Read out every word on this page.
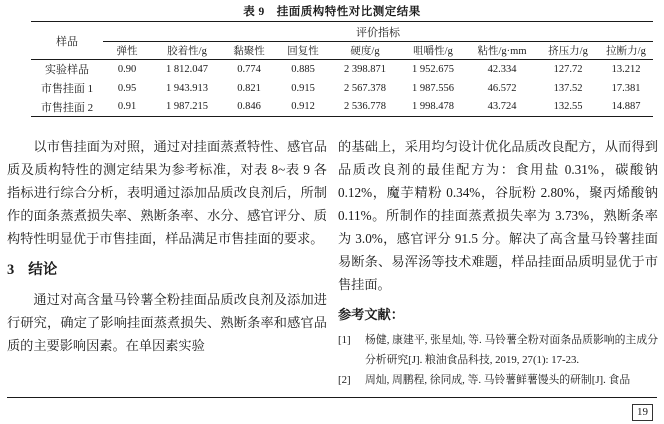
表 9　挂面质构特性对比测定结果
样品	评价指标								
	弹性	胶着性/g	黏聚性	回复性	硬度/g	咀嚼性/g	粘性/g·mm	挤压力/g	拉断力/g
实验样品	0.90	1 812.047	0.774	0.885	2 398.871	1 952.675	42.334	127.72	13.212
市售挂面 1	0.95	1 943.913	0.821	0.915	2 567.378	1 987.556	46.572	137.52	17.381
市售挂面 2	0.91	1 987.215	0.846	0.912	2 536.778	1 998.478	43.724	132.55	14.887

以市售挂面为对照，通过对挂面蒸煮特性、感官品质及质构特性的测定结果为参考标准，对表 8~表 9 各指标进行综合分析，表明通过添加品质改良剂后，所制作的面条蒸煮损失率、熟断条率、水分、感官评分、质构特性明显优于市售挂面，样品满足市售挂面的要求。

3 结论

通过对高含量马铃薯全粉挂面品质改良剂及添加进行研究，确定了影响挂面蒸煮损失、熟断条率和感官品质的主要影响因素。在单因素实验

的基础上，采用均匀设计优化品质改良配方，从而得到品质改良剂的最佳配方为：食用盐 0.31%，碳酸钠 0.12%，魔芋精粉 0.34%，谷朊粉 2.80%，聚丙烯酸钠 0.11%。所制作的挂面蒸煮损失率为 3.73%，熟断条率为 3.0%，感官评分 91.5 分。解决了高含量马铃薯挂面易断条、易浑汤等技术难题，样品挂面品质明显优于市售挂面。

参考文献：
[1] 杨健, 康建平, 张星灿, 等. 马铃薯全粉对面条品质影响的主成分分析研究[J]. 粮油食品科技, 2019, 27(1): 17-23.
[2] 周灿, 周鹏程, 徐同成, 等. 马铃薯鲜薯馒头的研制[J]. 食品
19
